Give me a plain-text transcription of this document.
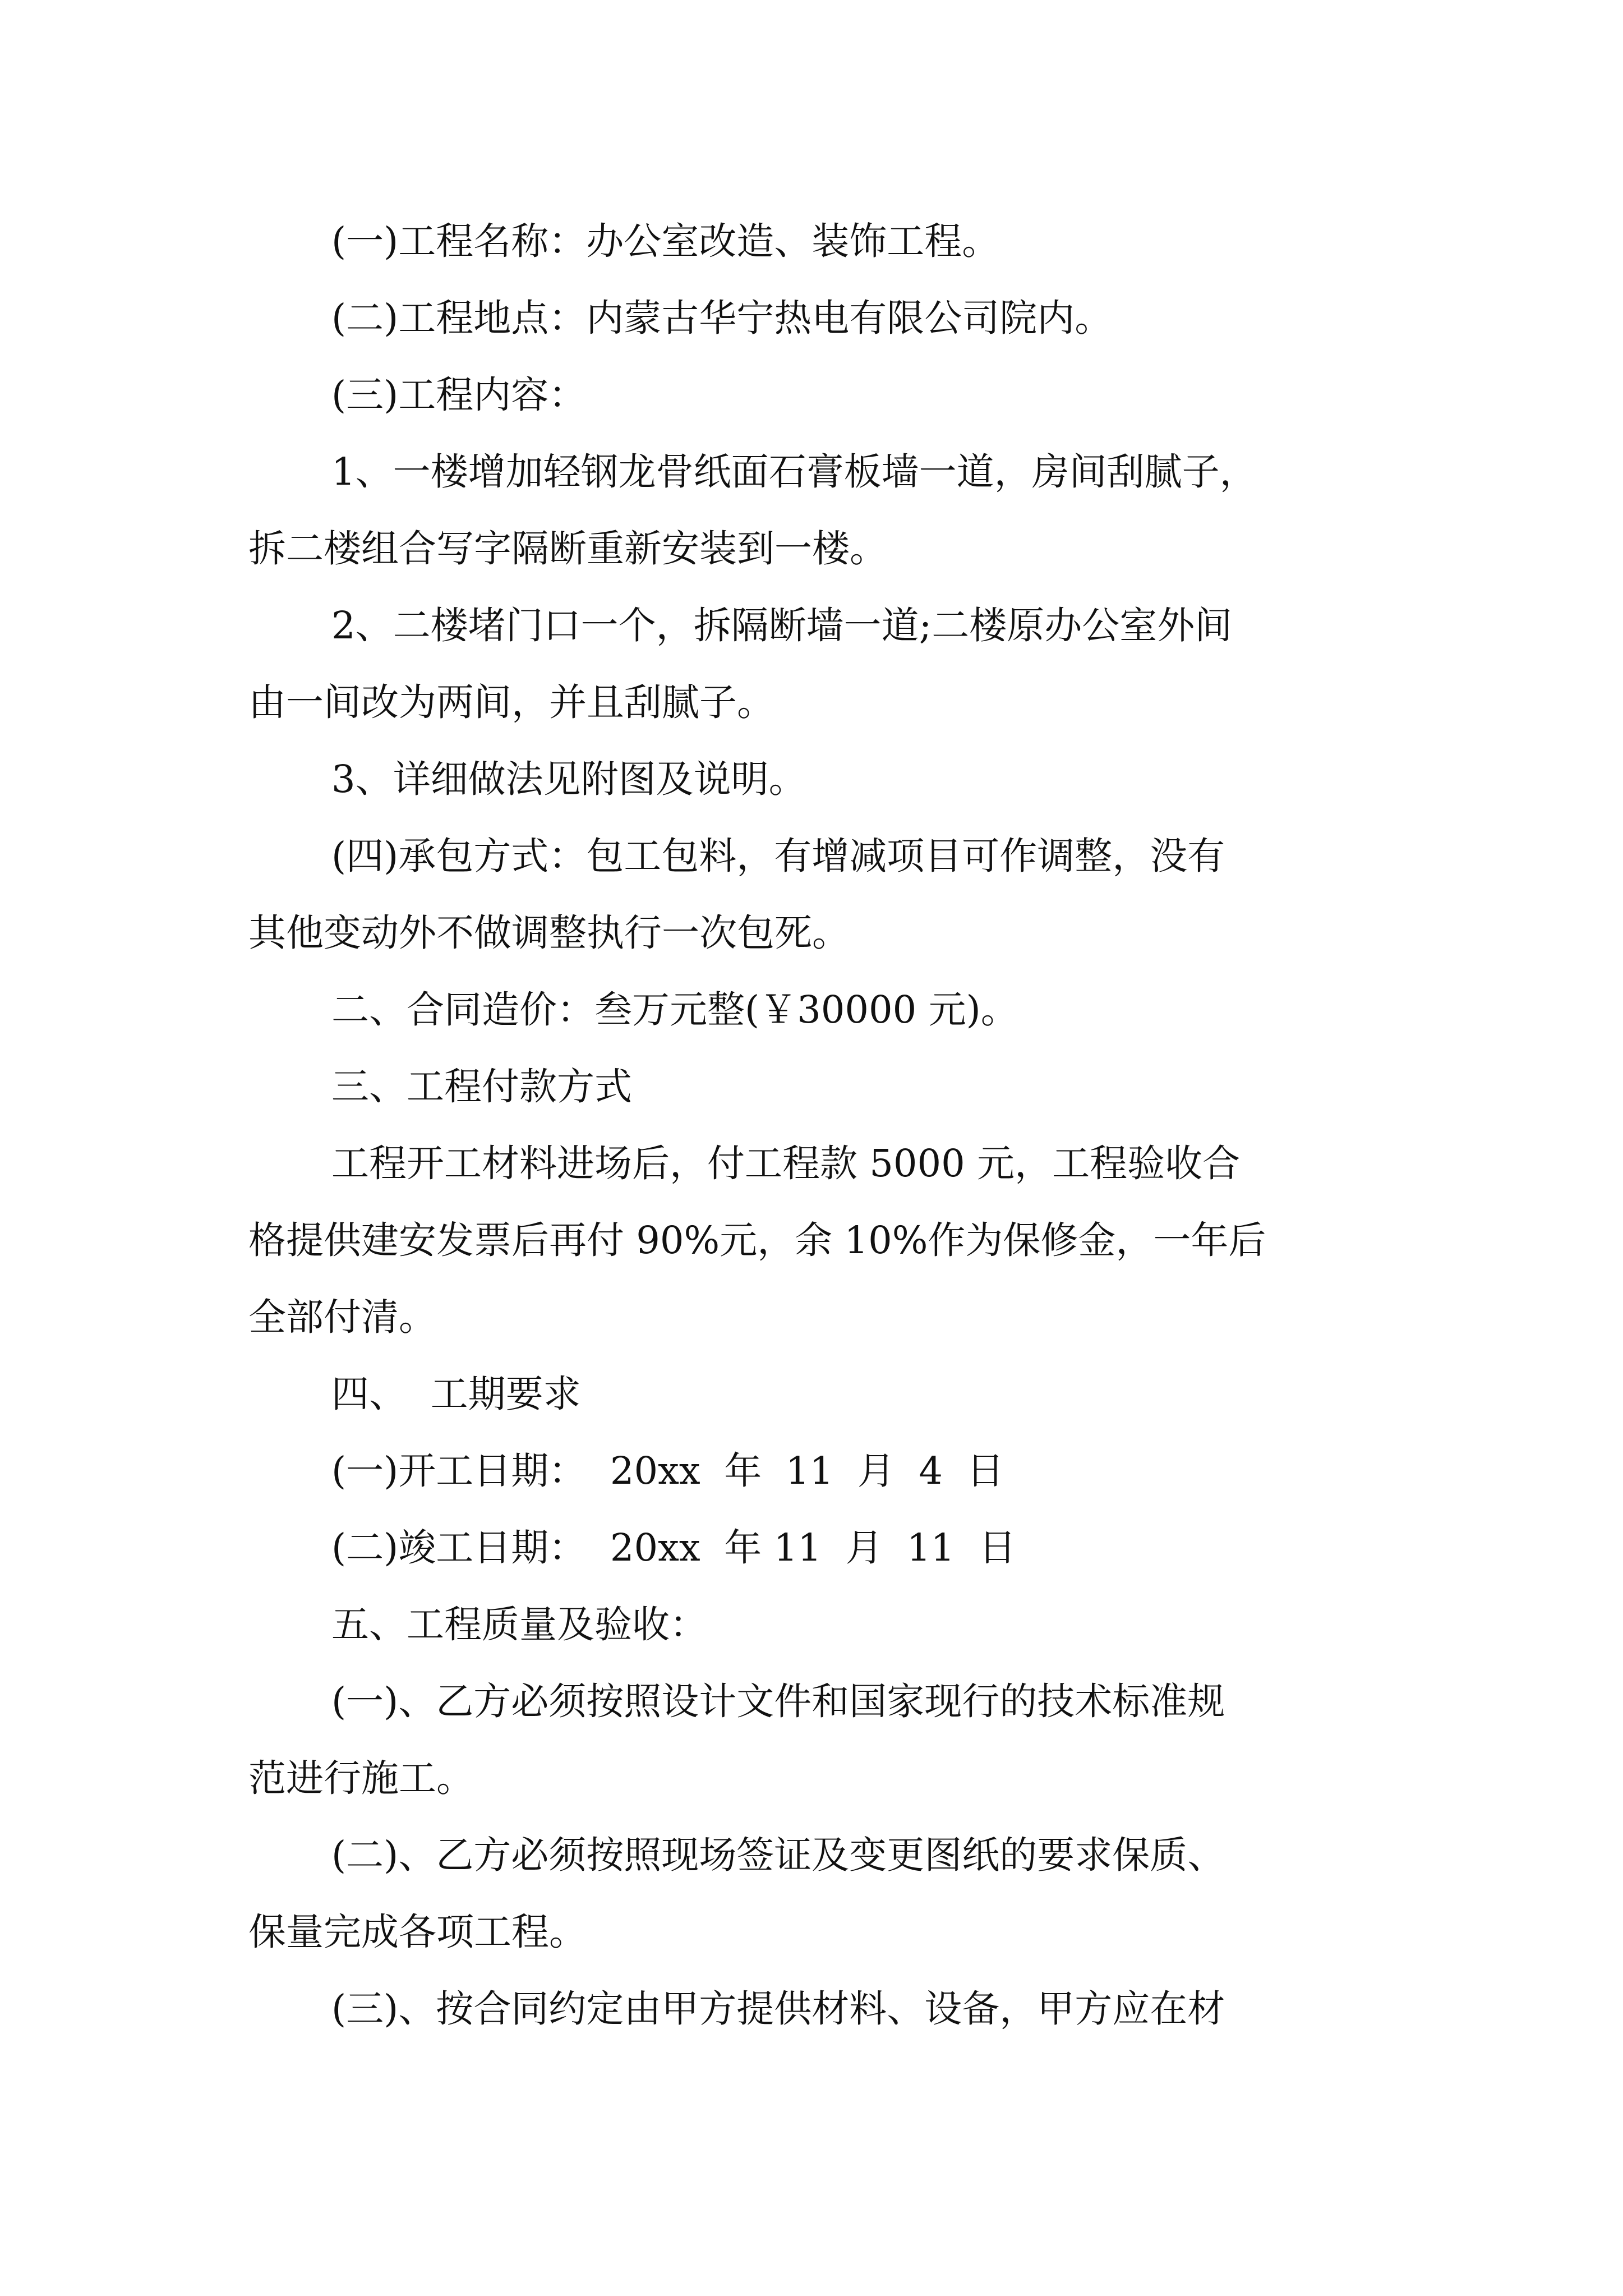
(一)工程名称：办公室改造、装饰工程。
(二)工程地点：内蒙古华宁热电有限公司院内。
(三)工程内容：
1、一楼增加轻钢龙骨纸面石膏板墙一道，房间刮腻子，
拆二楼组合写字隔断重新安装到一楼。
2、二楼堵门口一个，拆隔断墙一道;二楼原办公室外间
由一间改为两间，并且刮腻子。
3、详细做法见附图及说明。
(四)承包方式：包工包料，有增减项目可作调整，没有
其他变动外不做调整执行一次包死。
二、合同造价：叁万元整(￥30000 元)。
三、工程付款方式
工程开工材料进场后，付工程款 5000 元，工程验收合
格提供建安发票后再付 90%元，余 10%作为保修金，一年后
全部付清。
四、  工期要求
(一)开工日期：  20xx  年  11  月  4  日
(二)竣工日期：  20xx  年 11  月  11  日
五、工程质量及验收：
(一)、乙方必须按照设计文件和国家现行的技术标准规
范进行施工。
(二)、乙方必须按照现场签证及变更图纸的要求保质、
保量完成各项工程。
(三)、按合同约定由甲方提供材料、设备，甲方应在材
